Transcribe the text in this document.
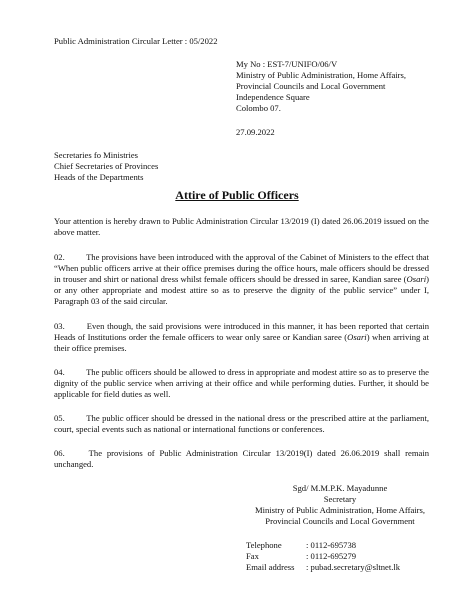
Public Administration Circular Letter : 05/2022
My No : EST-7/UNIFO/06/V
Ministry of Public Administration, Home Affairs,
Provincial Councils and Local Government
Independence Square
Colombo 07.
27.09.2022
Secretaries fo Ministries
Chief Secretaries of Provinces
Heads of the Departments
Attire of Public Officers

Your attention is hereby drawn to Public Administration Circular 13/2019 (I) dated 26.06.2019 issued on the above matter.

02. The provisions have been introduced with the approval of the Cabinet of Ministers to the effect that “When public officers arrive at their office premises during the office hours, male officers should be dressed in trouser and shirt or national dress whilst female officers should be dressed in saree, Kandian saree (Osari) or any other appropriate and modest attire so as to preserve the dignity of the public service” under I, Paragraph 03 of the said circular.

03.	Even though, the said provisions were introduced in this manner, it has been reported that certain Heads of Institutions order the female officers to wear only saree or Kandian saree (Osari) when arriving at their office premises.

04. The public officers should be allowed to dress in appropriate and modest attire so as to preserve the dignity of the public service when arriving at their office and while performing duties. Further, it should be applicable for field duties as well.

05.	The public officer should be dressed in the national dress or the prescribed attire at the parliament, court, special events such as national or international functions or conferences.

06.	The provisions of Public Administration Circular 13/2019(I) dated 26.06.2019 shall remain unchanged.

Sgd/ M.M.P.K. Mayadunne
Secretary
Ministry of Public Administration, Home Affairs,
Provincial Councils and Local Government
Telephone	: 0112-695738
Fax	: 0112-695279
Email address	: pubad.secretary@sltnet.lk
